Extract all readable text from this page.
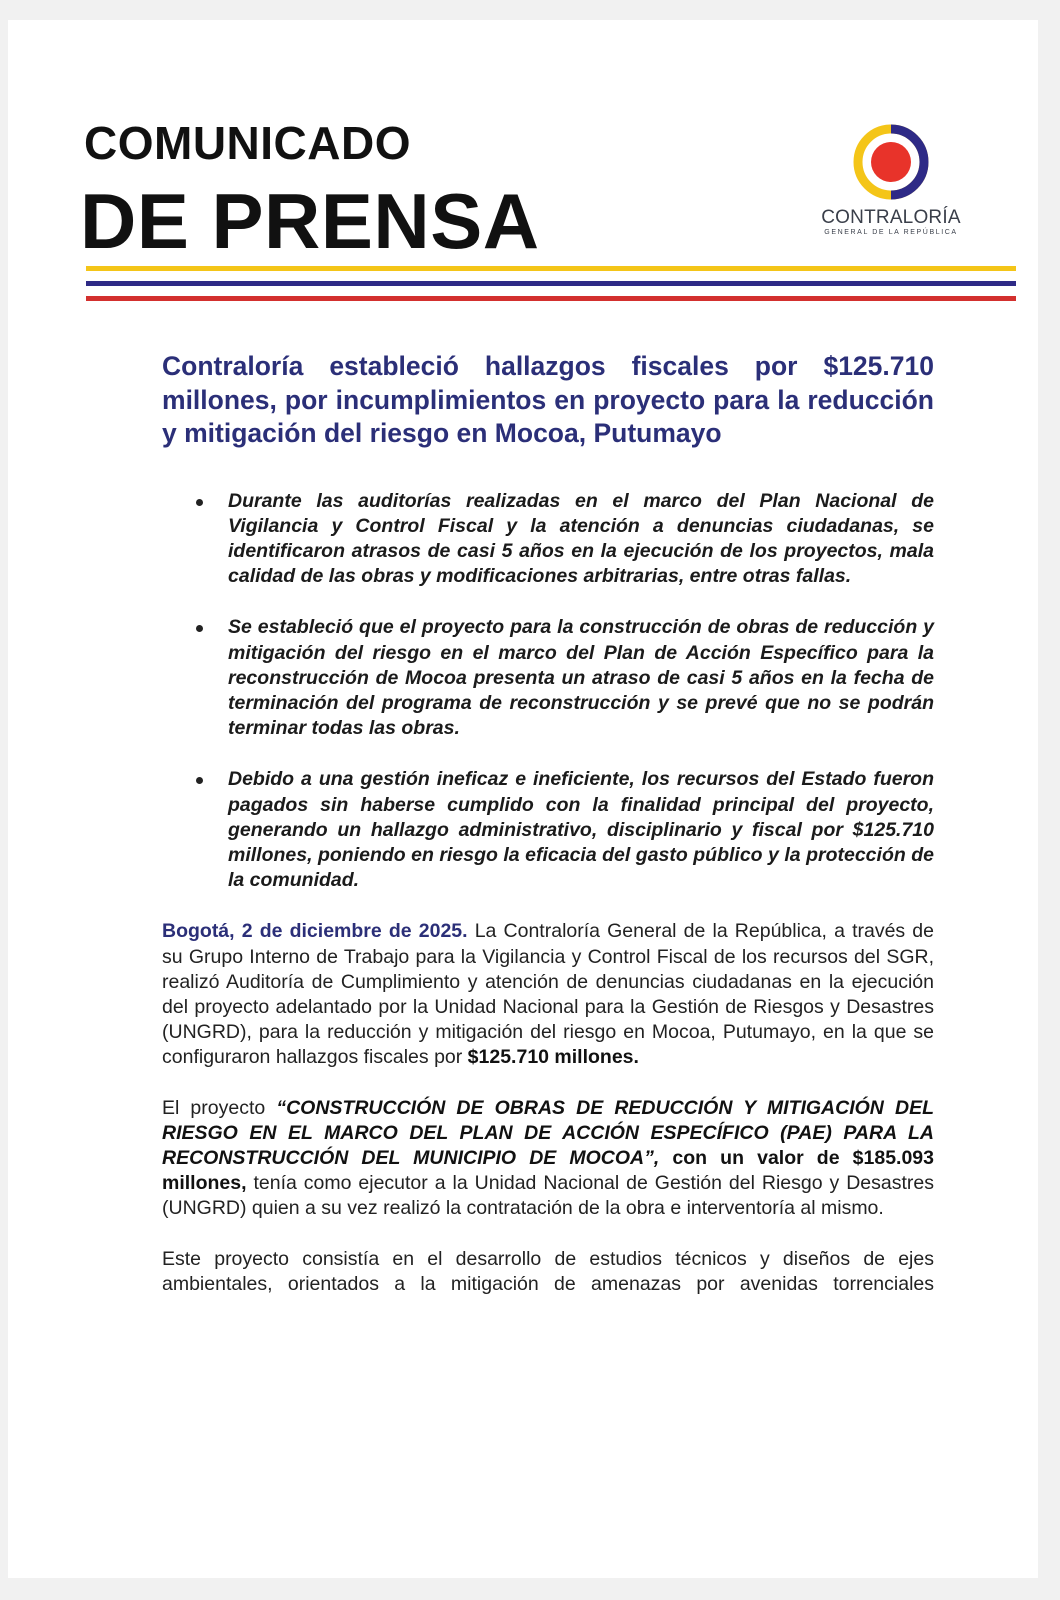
COMUNICADO
DE PRENSA	CONTRALORÍA
GENERAL DE LA REPÚBLICA
Contraloría estableció hallazgos fiscales por $125.710 millones, por incumplimientos en proyecto para la reducción y mitigación del riesgo en Mocoa, Putumayo
Durante las auditorías realizadas en el marco del Plan Nacional de Vigilancia y Control Fiscal y la atención a denuncias ciudadanas, se identificaron atrasos de casi 5 años en la ejecución de los proyectos, mala calidad de las obras y modificaciones arbitrarias, entre otras fallas.
Se estableció que el proyecto para la construcción de obras de reducción y mitigación del riesgo en el marco del Plan de Acción Específico para la reconstrucción de Mocoa presenta un atraso de casi 5 años en la fecha de terminación del programa de reconstrucción y se prevé que no se podrán terminar todas las obras.
Debido a una gestión ineficaz e ineficiente, los recursos del Estado fueron pagados sin haberse cumplido con la finalidad principal del proyecto, generando un hallazgo administrativo, disciplinario y fiscal por $125.710 millones, poniendo en riesgo la eficacia del gasto público y la protección de la comunidad.

Bogotá, 2 de diciembre de 2025. La Contraloría General de la República, a través de su Grupo Interno de Trabajo para la Vigilancia y Control Fiscal de los recursos del SGR, realizó Auditoría de Cumplimiento y atención de denuncias ciudadanas en la ejecución del proyecto adelantado por la Unidad Nacional para la Gestión de Riesgos y Desastres (UNGRD), para la reducción y mitigación del riesgo en Mocoa, Putumayo, en la que se configuraron hallazgos fiscales por $125.710 millones.

El proyecto “CONSTRUCCIÓN DE OBRAS DE REDUCCIÓN Y MITIGACIÓN DEL RIESGO EN EL MARCO DEL PLAN DE ACCIÓN ESPECÍFICO (PAE) PARA LA RECONSTRUCCIÓN DEL MUNICIPIO DE MOCOA”, con un valor de $185.093 millones, tenía como ejecutor a la Unidad Nacional de Gestión del Riesgo y Desastres (UNGRD) quien a su vez realizó la contratación de la obra e interventoría al mismo.

Este proyecto consistía en el desarrollo de estudios técnicos y diseños de ejes ambientales, orientados a la mitigación de amenazas por avenidas torrenciales
